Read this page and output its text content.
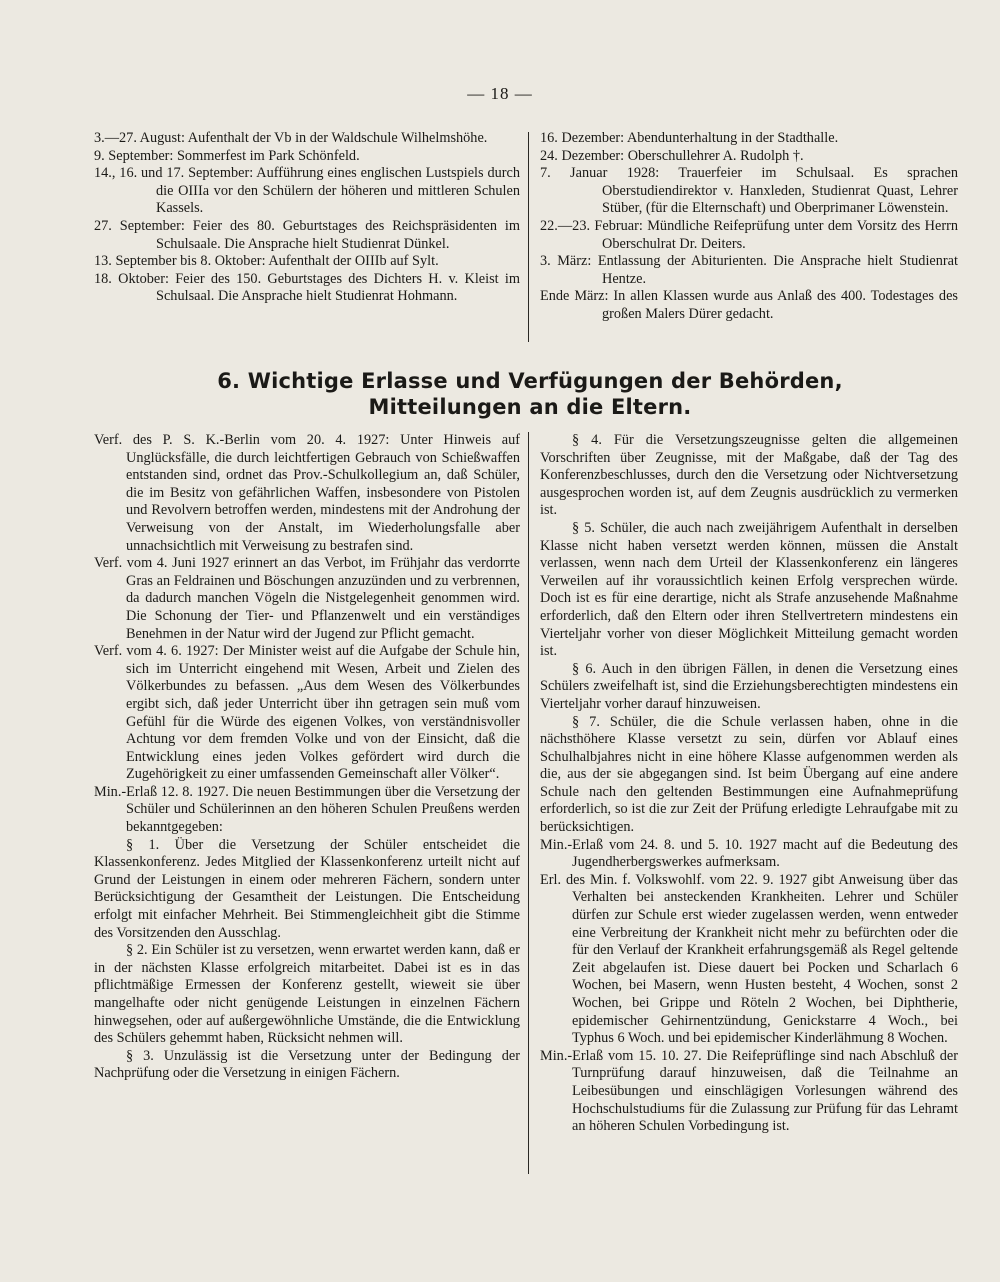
— 18 —

3.—27. August: Aufenthalt der Vb in der Waldschule Wilhelmshöhe.

9. September: Sommerfest im Park Schönfeld.

14., 16. und 17. September: Aufführung eines englischen Lustspiels durch die OIIIa vor den Schülern der höheren und mittleren Schulen Kassels.

27. September: Feier des 80. Geburtstages des Reichspräsidenten im Schulsaale. Die Ansprache hielt Studienrat Dünkel.

13. September bis 8. Oktober: Aufenthalt der OIIIb auf Sylt.

18. Oktober: Feier des 150. Geburtstages des Dichters H. v. Kleist im Schulsaal. Die Ansprache hielt Studienrat Hohmann.

16. Dezember: Abendunterhaltung in der Stadthalle.

24. Dezember: Oberschullehrer A. Rudolph †.

7. Januar 1928: Trauerfeier im Schulsaal. Es sprachen Oberstudiendirektor v. Hanxleden, Studienrat Quast, Lehrer Stüber, (für die Elternschaft) und Oberprimaner Löwenstein.

22.—23. Februar: Mündliche Reifeprüfung unter dem Vorsitz des Herrn Oberschulrat Dr. Deiters.

3. März: Entlassung der Abiturienten. Die Ansprache hielt Studienrat Hentze.

Ende März: In allen Klassen wurde aus Anlaß des 400. Todestages des großen Malers Dürer gedacht.

6. Wichtige Erlasse und Verfügungen der Behörden,
Mitteilungen an die Eltern.

Verf. des P. S. K.-Berlin vom 20. 4. 1927: Unter Hinweis auf Unglücksfälle, die durch leichtfertigen Gebrauch von Schießwaffen entstanden sind, ordnet das Prov.-Schulkollegium an, daß Schüler, die im Besitz von gefährlichen Waffen, insbesondere von Pistolen und Revolvern betroffen werden, mindestens mit der Androhung der Verweisung von der Anstalt, im Wiederholungsfalle aber unnachsichtlich mit Verweisung zu bestrafen sind.

Verf. vom 4. Juni 1927 erinnert an das Verbot, im Frühjahr das verdorrte Gras an Feldrainen und Böschungen anzuzünden und zu verbrennen, da dadurch manchen Vögeln die Nistgelegenheit genommen wird. Die Schonung der Tier- und Pflanzenwelt und ein verständiges Benehmen in der Natur wird der Jugend zur Pflicht gemacht.

Verf. vom 4. 6. 1927: Der Minister weist auf die Aufgabe der Schule hin, sich im Unterricht eingehend mit Wesen, Arbeit und Zielen des Völkerbundes zu befassen. „Aus dem Wesen des Völkerbundes ergibt sich, daß jeder Unterricht über ihn getragen sein muß vom Gefühl für die Würde des eigenen Volkes, von verständnisvoller Achtung vor dem fremden Volke und von der Einsicht, daß die Entwicklung eines jeden Volkes gefördert wird durch die Zugehörigkeit zu einer umfassenden Gemeinschaft aller Völker“.

Min.-Erlaß 12. 8. 1927. Die neuen Bestimmungen über die Versetzung der Schüler und Schülerinnen an den höheren Schulen Preußens werden bekanntgegeben:

§ 1. Über die Versetzung der Schüler entscheidet die Klassenkonferenz. Jedes Mitglied der Klassenkonferenz urteilt nicht auf Grund der Leistungen in einem oder mehreren Fächern, sondern unter Berücksichtigung der Gesamtheit der Leistungen. Die Entscheidung erfolgt mit einfacher Mehrheit. Bei Stimmengleichheit gibt die Stimme des Vorsitzenden den Ausschlag.

§ 2. Ein Schüler ist zu versetzen, wenn erwartet werden kann, daß er in der nächsten Klasse erfolgreich mitarbeitet. Dabei ist es in das pflichtmäßige Ermessen der Konferenz gestellt, wieweit sie über mangelhafte oder nicht genügende Leistungen in einzelnen Fächern hinwegsehen, oder auf außergewöhnliche Umstände, die die Entwicklung des Schülers gehemmt haben, Rücksicht nehmen will.

§ 3. Unzulässig ist die Versetzung unter der Bedingung der Nachprüfung oder die Versetzung in einigen Fächern.

§ 4. Für die Versetzungszeugnisse gelten die allgemeinen Vorschriften über Zeugnisse, mit der Maßgabe, daß der Tag des Konferenzbeschlusses, durch den die Versetzung oder Nichtversetzung ausgesprochen worden ist, auf dem Zeugnis ausdrücklich zu vermerken ist.

§ 5. Schüler, die auch nach zweijährigem Aufenthalt in derselben Klasse nicht haben versetzt werden können, müssen die Anstalt verlassen, wenn nach dem Urteil der Klassenkonferenz ein längeres Verweilen auf ihr voraussichtlich keinen Erfolg versprechen würde. Doch ist es für eine derartige, nicht als Strafe anzusehende Maßnahme erforderlich, daß den Eltern oder ihren Stellvertretern mindestens ein Vierteljahr vorher von dieser Möglichkeit Mitteilung gemacht worden ist.

§ 6. Auch in den übrigen Fällen, in denen die Versetzung eines Schülers zweifelhaft ist, sind die Erziehungsberechtigten mindestens ein Vierteljahr vorher darauf hinzuweisen.

§ 7. Schüler, die die Schule verlassen haben, ohne in die nächsthöhere Klasse versetzt zu sein, dürfen vor Ablauf eines Schulhalbjahres nicht in eine höhere Klasse aufgenommen werden als die, aus der sie abgegangen sind. Ist beim Übergang auf eine andere Schule nach den geltenden Bestimmungen eine Aufnahmeprüfung erforderlich, so ist die zur Zeit der Prüfung erledigte Lehraufgabe mit zu berücksichtigen.

Min.-Erlaß vom 24. 8. und 5. 10. 1927 macht auf die Bedeutung des Jugendherbergswerkes aufmerksam.

Erl. des Min. f. Volkswohlf. vom 22. 9. 1927 gibt Anweisung über das Verhalten bei ansteckenden Krankheiten. Lehrer und Schüler dürfen zur Schule erst wieder zugelassen werden, wenn entweder eine Verbreitung der Krankheit nicht mehr zu befürchten oder die für den Verlauf der Krankheit erfahrungsgemäß als Regel geltende Zeit abgelaufen ist. Diese dauert bei Pocken und Scharlach 6 Wochen, bei Masern, wenn Husten besteht, 4 Wochen, sonst 2 Wochen, bei Grippe und Röteln 2 Wochen, bei Diphtherie, epidemischer Gehirnentzündung, Genickstarre 4 Woch., bei Typhus 6 Woch. und bei epidemischer Kinderlähmung 8 Wochen.

Min.-Erlaß vom 15. 10. 27. Die Reifeprüflinge sind nach Abschluß der Turnprüfung darauf hinzuweisen, daß die Teilnahme an Leibesübungen und einschlägigen Vorlesungen während des Hochschulstudiums für die Zulassung zur Prüfung für das Lehramt an höheren Schulen Vorbedingung ist.
